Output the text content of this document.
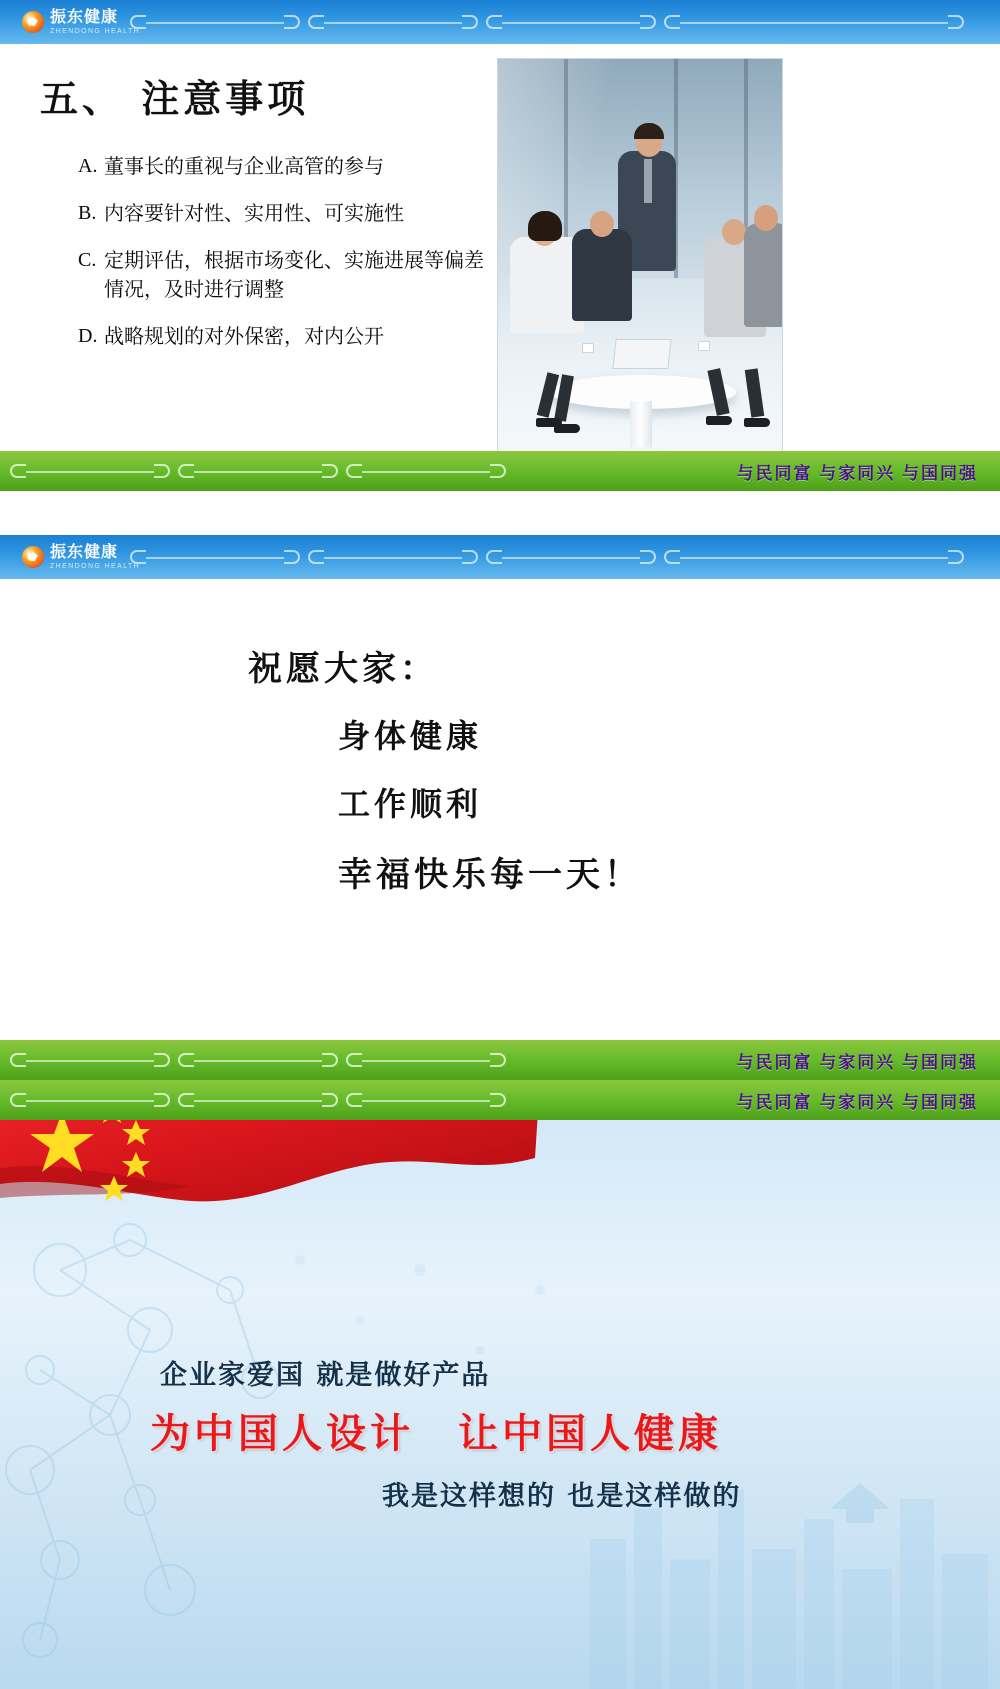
振东健康
ZHENDONG HEALTH
五、 注意事项
A. 董事长的重视与企业高管的参与
B. 内容要针对性、实用性、可实施性
C. 定期评估，根据市场变化、实施进展等偏差情况，及时进行调整
D. 战略规划的对外保密，对内公开
与民同富 与家同兴 与国同强
振东健康
ZHENDONG HEALTH
祝愿大家：
身体健康
工作顺利
幸福快乐每一天！
与民同富 与家同兴 与国同强
与民同富 与家同兴 与国同强
企业家爱国 就是做好产品
为中国人设计　让中国人健康
我是这样想的 也是这样做的
